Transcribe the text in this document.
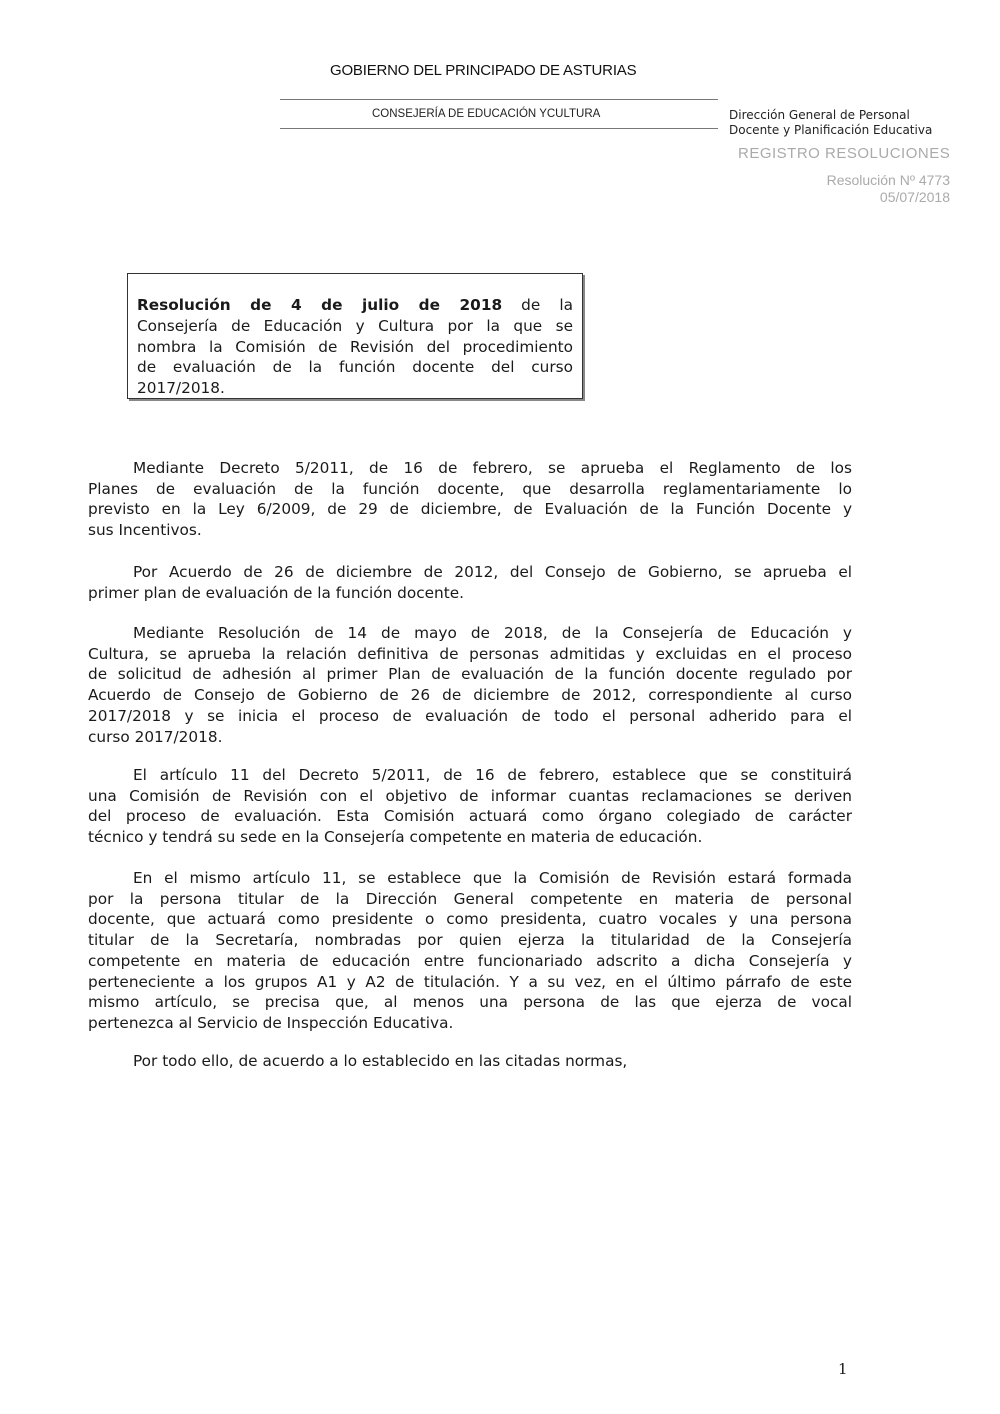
GOBIERNO DEL PRINCIPADO DE ASTURIAS
CONSEJERÍA DE EDUCACIÓN YCULTURA	Dirección General de Personal
Docente y Planificación Educativa
REGISTRO RESOLUCIONES
Resolución Nº 4773
05/07/2018
Resolución de 4 de julio de 2018 de la
Consejería de Educación y Cultura por la que se
nombra la Comisión de Revisión del procedimiento
de evaluación de la función docente del curso
2017/2018.
Mediante Decreto 5/2011, de 16 de febrero, se aprueba el Reglamento de los
Planes de evaluación de la función docente, que desarrolla reglamentariamente lo
previsto en la Ley 6/2009, de 29 de diciembre, de Evaluación de la Función Docente y
sus Incentivos.
Por Acuerdo de 26 de diciembre de 2012, del Consejo de Gobierno, se aprueba el
primer plan de evaluación de la función docente.
Mediante Resolución de 14 de mayo de 2018, de la Consejería de Educación y
Cultura, se aprueba la relación definitiva de personas admitidas y excluidas en el proceso
de solicitud de adhesión al primer Plan de evaluación de la función docente regulado por
Acuerdo de Consejo de Gobierno de 26 de diciembre de 2012, correspondiente al curso
2017/2018 y se inicia el proceso de evaluación de todo el personal adherido para el
curso 2017/2018.
El artículo 11 del Decreto 5/2011, de 16 de febrero, establece que se constituirá
una Comisión de Revisión con el objetivo de informar cuantas reclamaciones se deriven
del proceso de evaluación. Esta Comisión actuará como órgano colegiado de carácter
técnico y tendrá su sede en la Consejería competente en materia de educación.
En el mismo artículo 11, se establece que la Comisión de Revisión estará formada
por la persona titular de la Dirección General competente en materia de personal
docente, que actuará como presidente o como presidenta, cuatro vocales y una persona
titular de la Secretaría, nombradas por quien ejerza la titularidad de la Consejería
competente en materia de educación entre funcionariado adscrito a dicha Consejería y
perteneciente a los grupos A1 y A2 de titulación. Y a su vez, en el último párrafo de este
mismo artículo, se precisa que, al menos una persona de las que ejerza de vocal
pertenezca al Servicio de Inspección Educativa.
Por todo ello, de acuerdo a lo establecido en las citadas normas,
1
